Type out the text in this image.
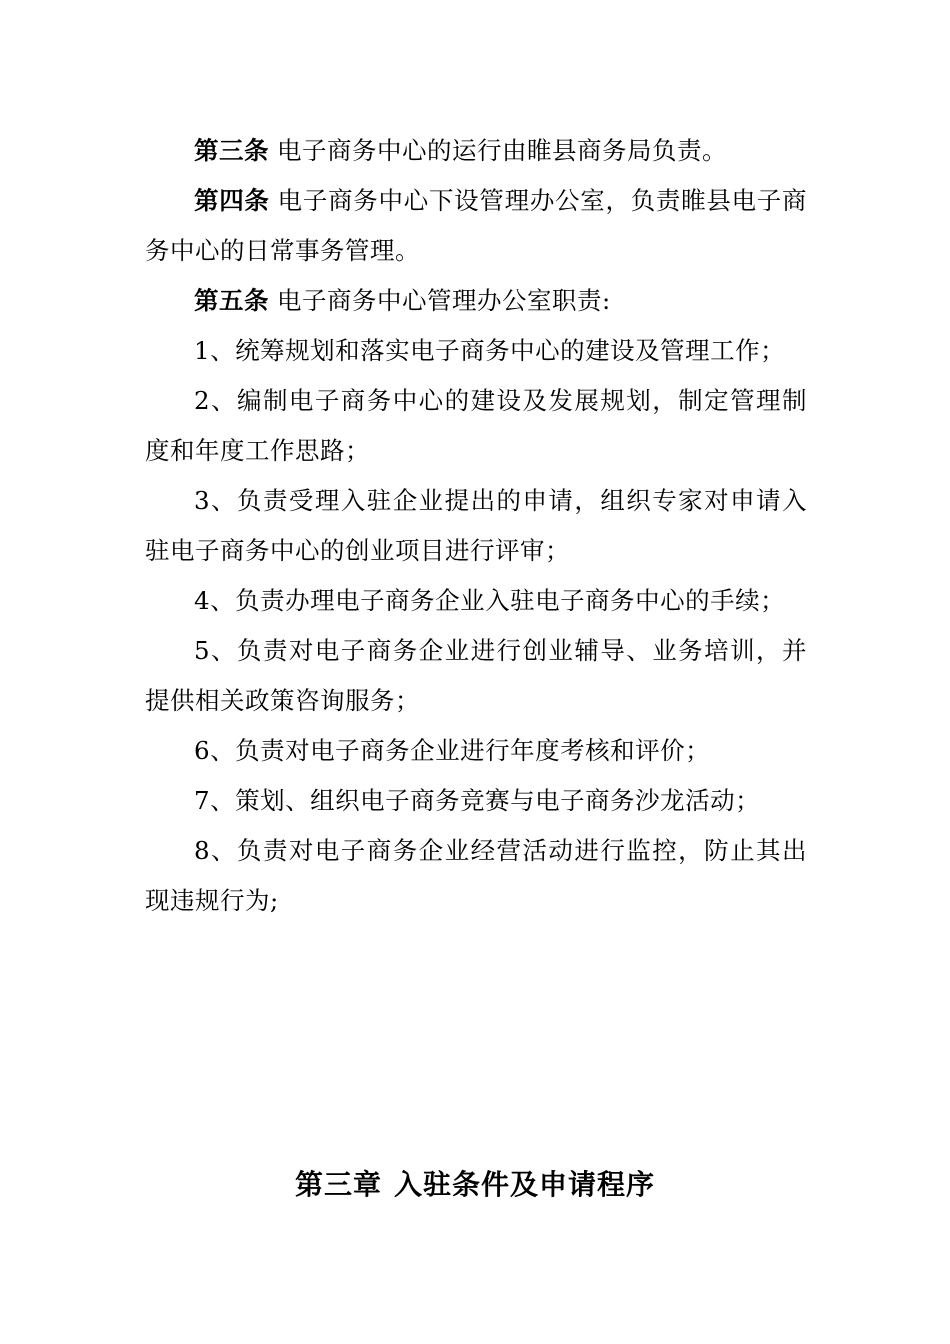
第三条 电子商务中心的运行由睢县商务局负责。

第四条 电子商务中心下设管理办公室，负责睢县电子商务中心的日常事务管理。

第五条 电子商务中心管理办公室职责:

1、统筹规划和落实电子商务中心的建设及管理工作；

2、编制电子商务中心的建设及发展规划，制定管理制度和年度工作思路；

3、负责受理入驻企业提出的申请，组织专家对申请入驻电子商务中心的创业项目进行评审；

4、负责办理电子商务企业入驻电子商务中心的手续；

5、负责对电子商务企业进行创业辅导、业务培训，并提供相关政策咨询服务；

6、负责对电子商务企业进行年度考核和评价；

7、策划、组织电子商务竞赛与电子商务沙龙活动；

8、负责对电子商务企业经营活动进行监控，防止其出现违规行为;

第三章 入驻条件及申请程序
